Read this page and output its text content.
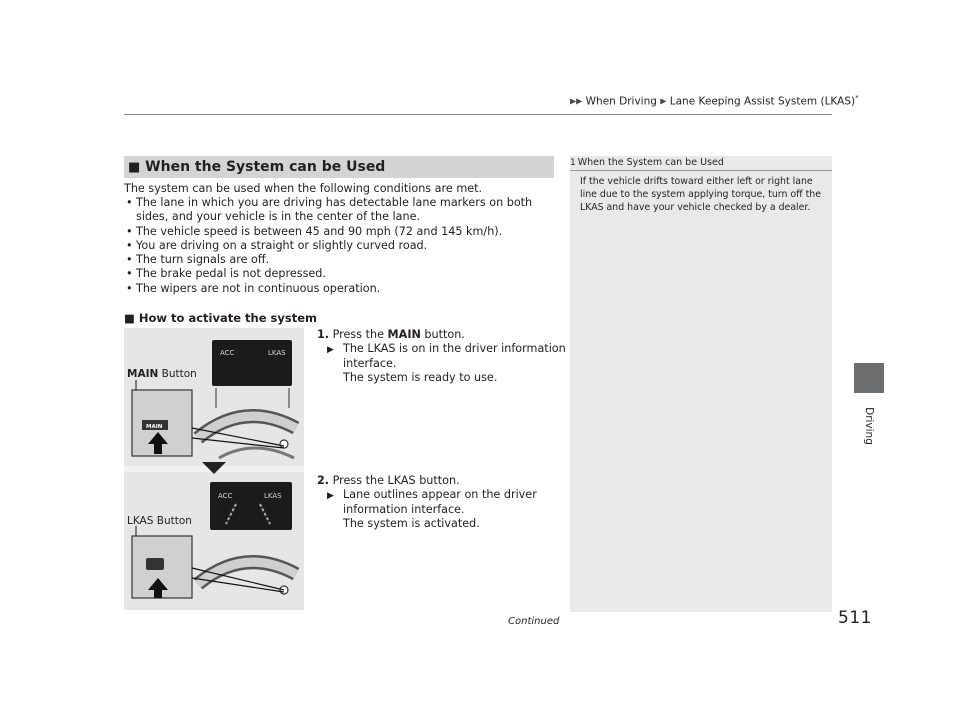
▶▶ When Driving ▶ Lane Keeping Assist System (LKAS)*
Driving
■ When the System can be Used
The system can be used when the following conditions are met.
• The lane in which you are driving has detectable lane markers on both sides, and your vehicle is in the center of the lane.
• The vehicle speed is between 45 and 90 mph (72 and 145 km/h).
• You are driving on a straight or slightly curved road.
• The turn signals are off.
• The brake pedal is not depressed.
• The wipers are not in continuous operation.
■ How to activate the system
ACC	LKAS
MAIN
ACC	LKAS
MAIN Button
LKAS Button
1. Press the MAIN button.
▶ The LKAS is on in the driver information interface.
The system is ready to use.
2. Press the LKAS button.
▶ Lane outlines appear on the driver information interface.
The system is activated.
1 When the System can be Used
If the vehicle drifts toward either left or right lane line due to the system applying torque, turn off the LKAS and have your vehicle checked by a dealer.
Continued	511
